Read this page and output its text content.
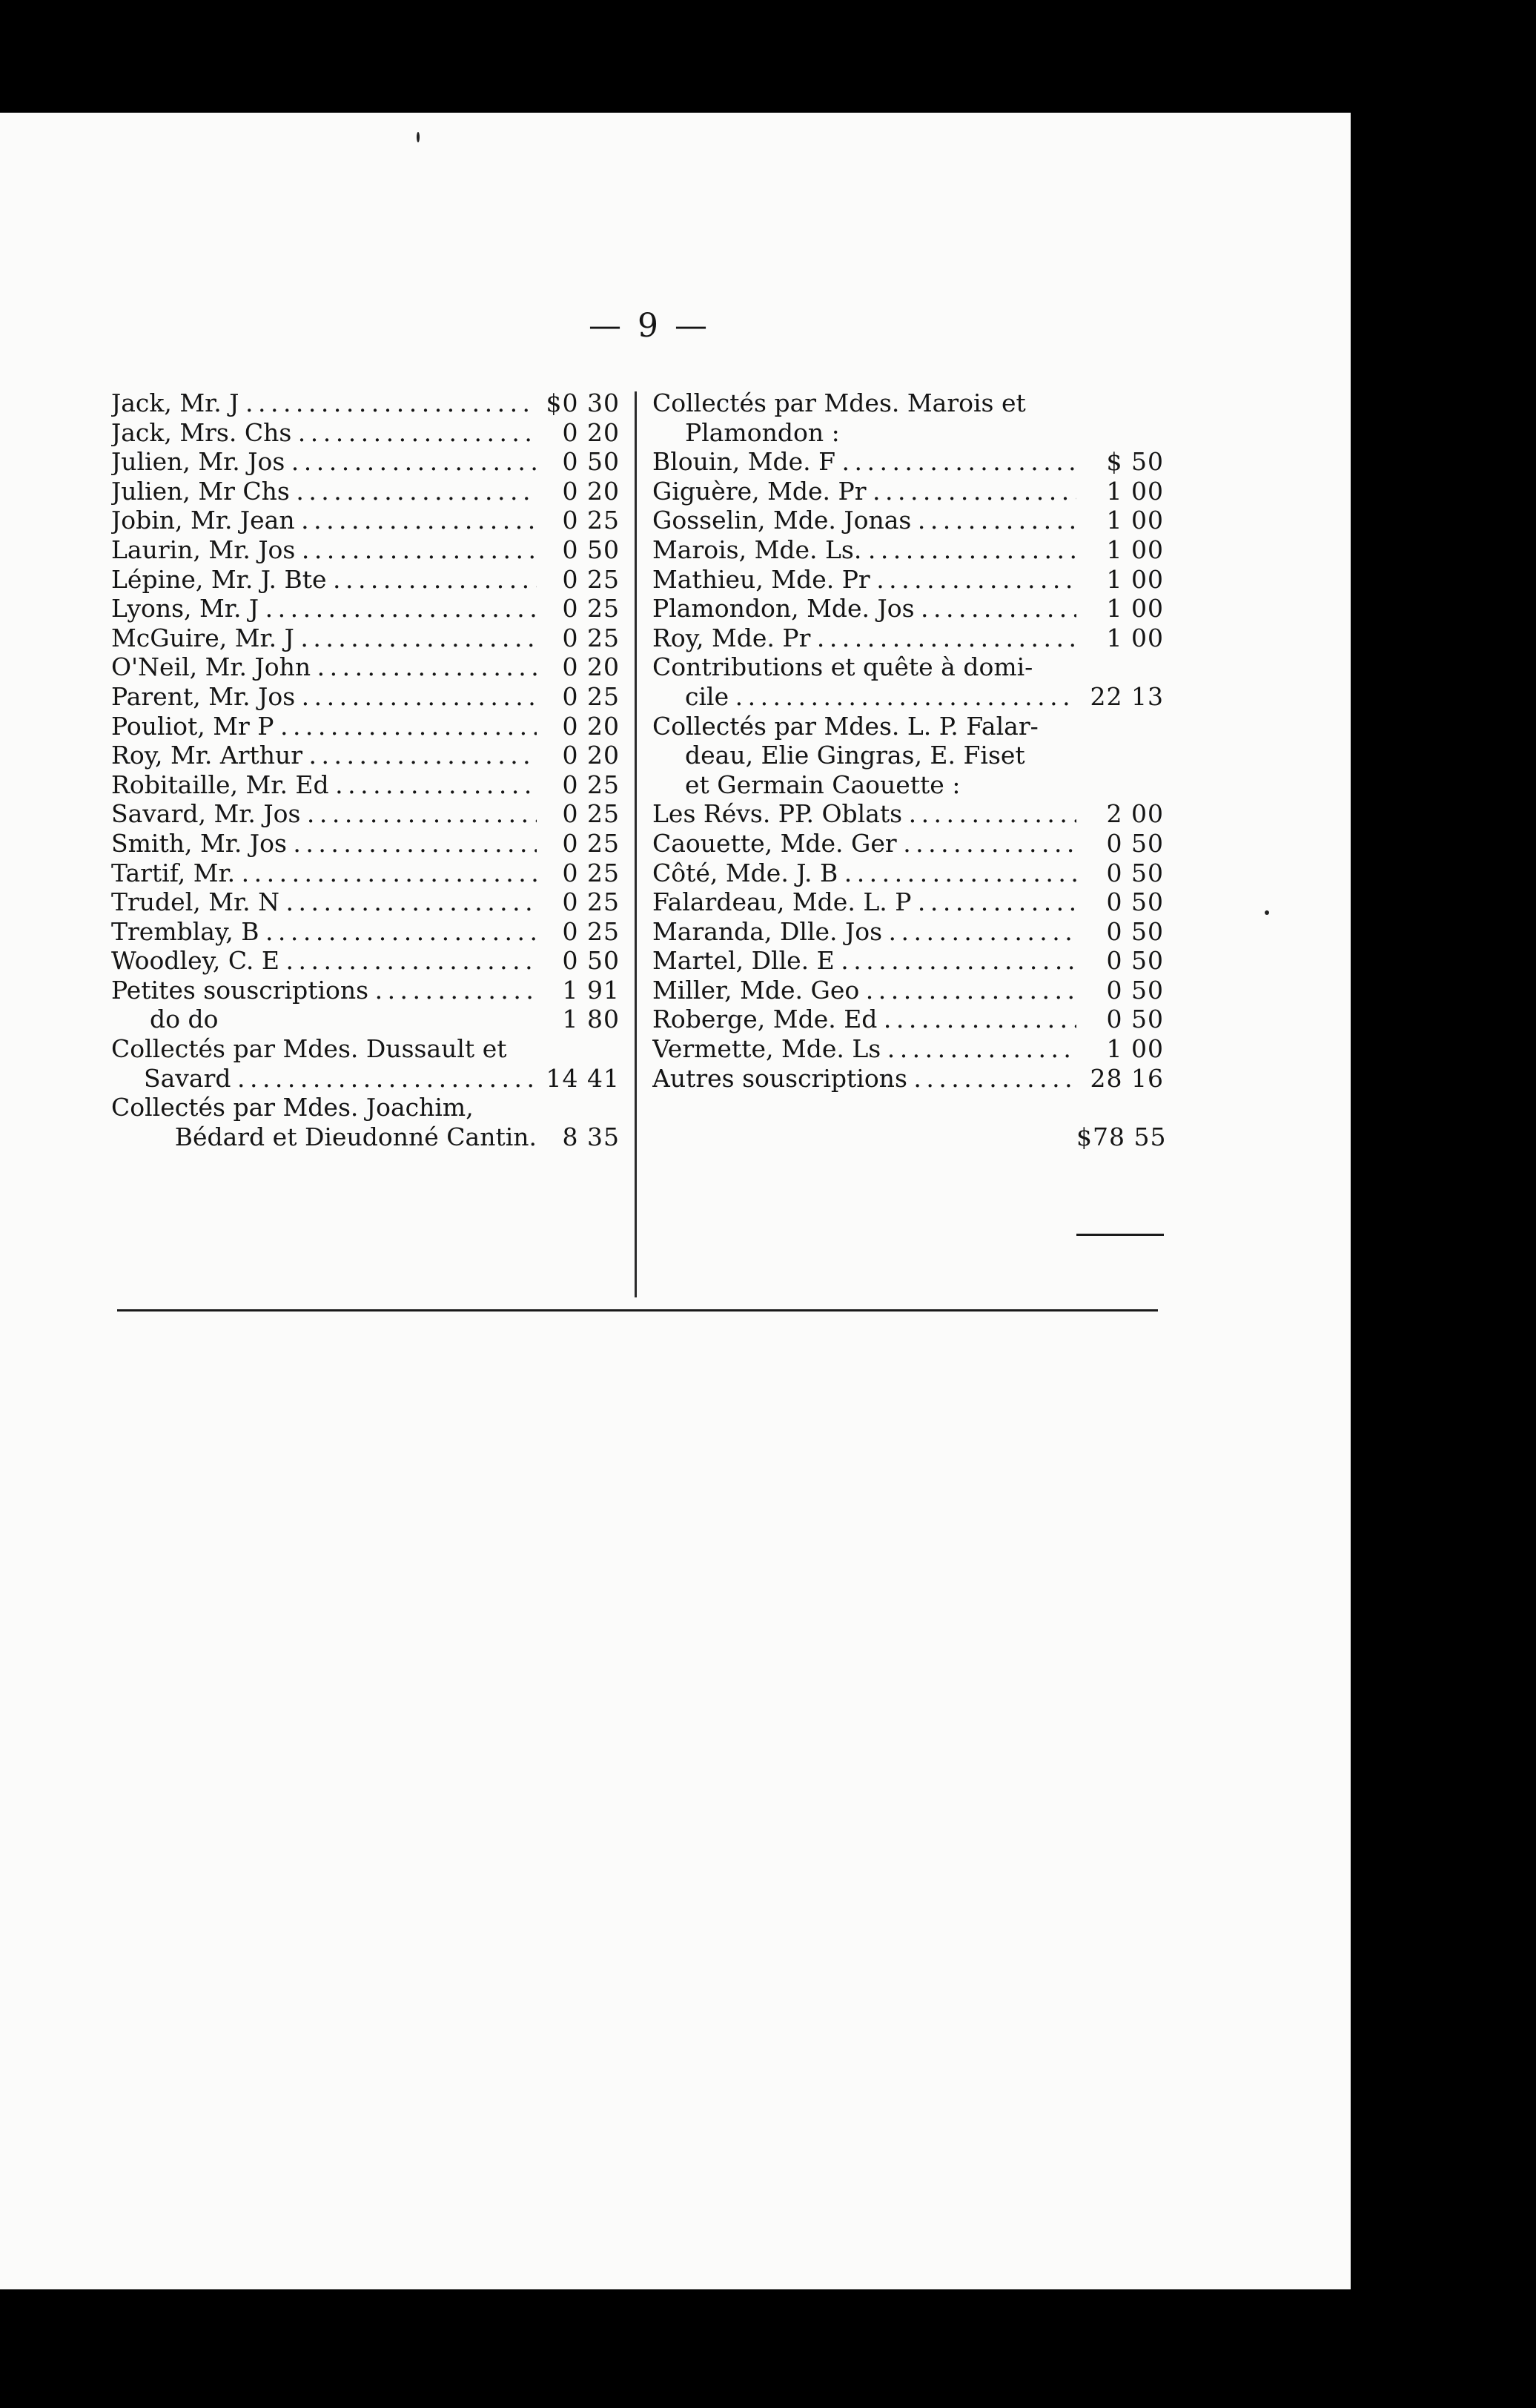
— 9 —
Jack, Mr. J . . .	$0 30
Jack, Mrs. Chs . . .	0 20
Julien, Mr. Jos . . .	0 50
Julien, Mr Chs . . .	0 20
Jobin, Mr. Jean . . .	0 25
Laurin, Mr. Jos . . .	0 50
Lépine, Mr. J. Bte . . .	0 25
Lyons, Mr. J . . .	0 25
McGuire, Mr. J . . .	0 25
O'Neil, Mr. John . . .	0 20
Parent, Mr. Jos . . .	0 25
Pouliot, Mr P . . .	0 20
Roy, Mr. Arthur . . .	0 20
Robitaille, Mr. Ed . . .	0 25
Savard, Mr. Jos . . .	0 25
Smith, Mr. Jos . . .	0 25
Tartif, Mr. . . .	0 25
Trudel, Mr. N . . .	0 25
Tremblay, B . . .	0 25
Woodley, C. E . . .	0 50
Petites souscriptions . . .	1 91
do do	1 80
Collectés par Mdes. Dussault et
Savard . . .	14 41
Collectés par Mdes. Joachim,
Bédard et Dieudonné Cantin.	8 35
Collectés par Mdes. Marois et
Plamondon :
Blouin, Mde. F . . .	$ 50
Giguère, Mde. Pr . . .	1 00
Gosselin, Mde. Jonas . . .	1 00
Marois, Mde. Ls. . . .	1 00
Mathieu, Mde. Pr . . .	1 00
Plamondon, Mde. Jos . . .	1 00
Roy, Mde. Pr . . .	1 00
Contributions et quête à domi-
cile . . .	22 13
Collectés par Mdes. L. P. Falar-
deau, Elie Gingras, E. Fiset
et Germain Caouette :
Les Révs. PP. Oblats . . .	2 00
Caouette, Mde. Ger . . .	0 50
Côté, Mde. J. B . . .	0 50
Falardeau, Mde. L. P . . .	0 50
Maranda, Dlle. Jos . . .	0 50
Martel, Dlle. E . . .	0 50
Miller, Mde. Geo . . .	0 50
Roberge, Mde. Ed . . .	0 50
Vermette, Mde. Ls . . .	1 00
Autres souscriptions . . .	28 16
$78 55
